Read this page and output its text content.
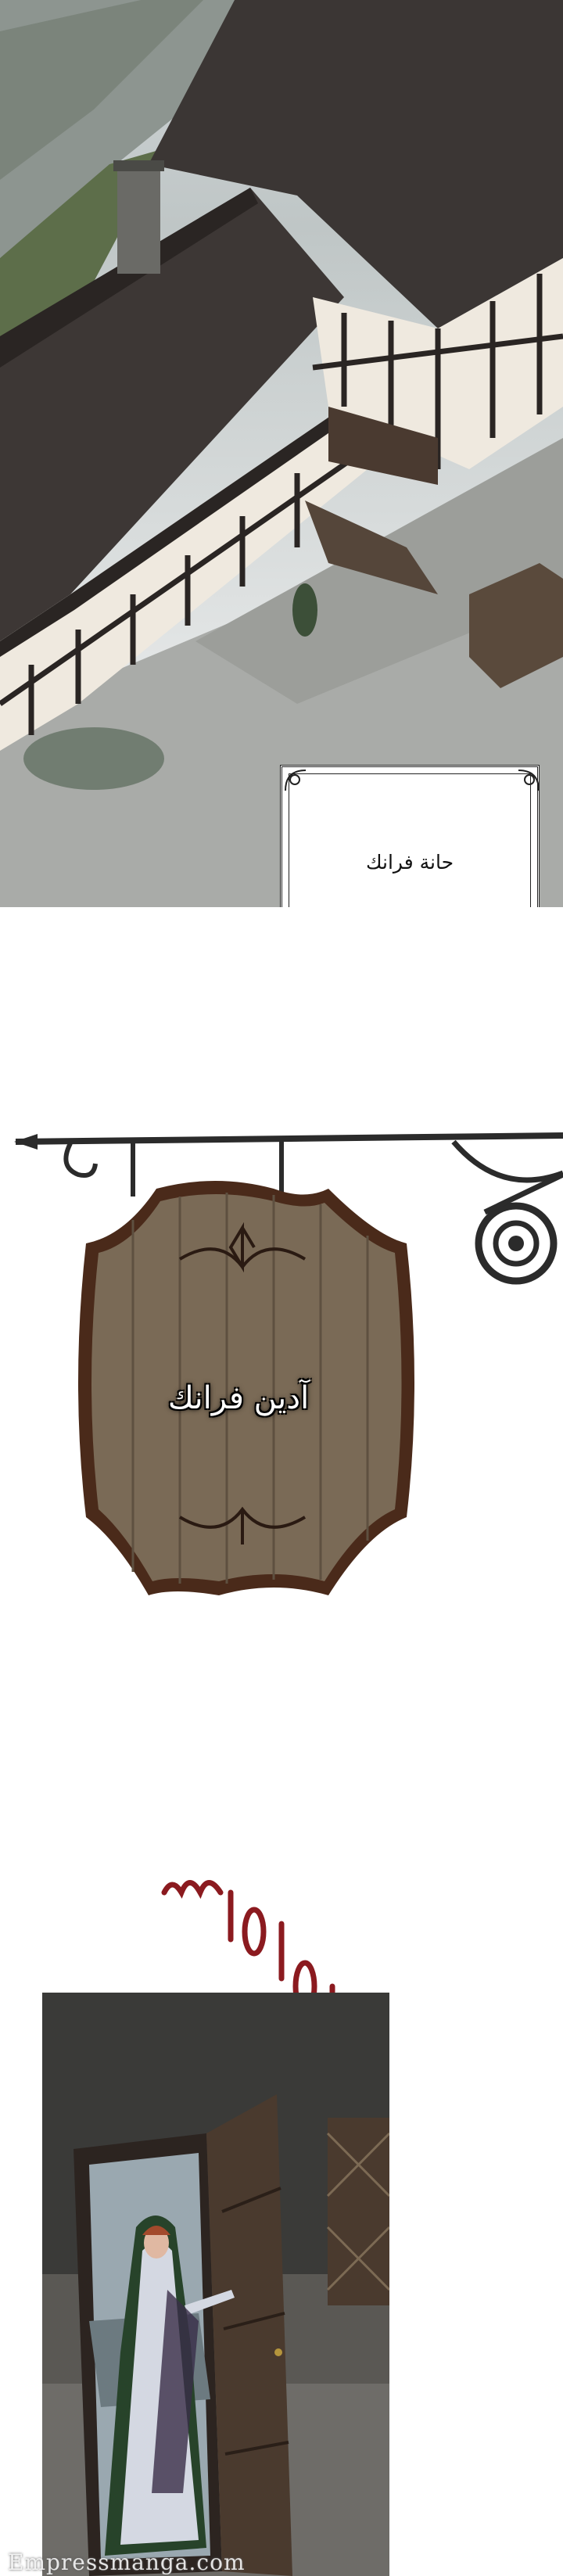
حانة فرانك
آدين فرانك
Empressmanga.com
